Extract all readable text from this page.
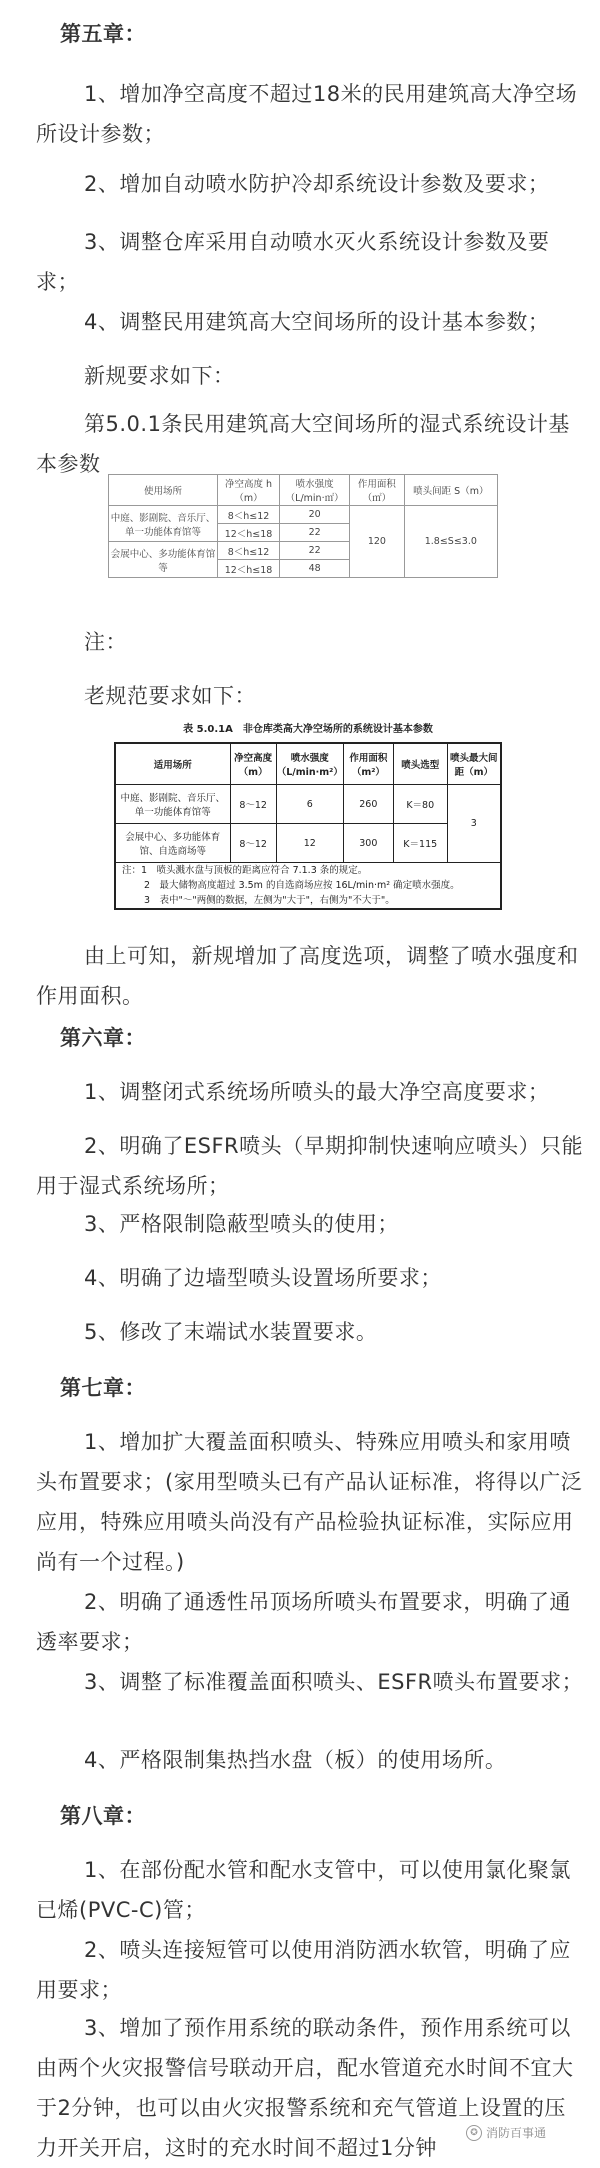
第五章：

1、增加净空高度不超过18米的民用建筑高大净空场所设计参数；

2、增加自动喷水防护冷却系统设计参数及要求；

3、调整仓库采用自动喷水灭火系统设计参数及要求；

4、调整民用建筑高大空间场所的设计基本参数；

新规要求如下：

第5.0.1条民用建筑高大空间场所的湿式系统设计基本参数

使用场所	净空高度 h（m）	喷水强度（L/min·㎡）	作用面积（㎡）	喷头间距 S（m）
中庭、影剧院、音乐厅、单一功能体育馆等	8＜h≤12	20	120	1.8≤S≤3.0
	12＜h≤18	22		
会展中心、多功能体育馆等	8＜h≤12	22		
	12＜h≤18	48		

注：

老规范要求如下：

表 5.0.1A　非仓库类高大净空场所的系统设计基本参数
适用场所	净空高度（m）	喷水强度（L/min·m²）	作用面积（m²）	喷头选型	喷头最大间距（m）
中庭、影剧院、音乐厅、单一功能体育馆等	8～12	6	260	K＝80	3
会展中心、多功能体育馆、自选商场等	8～12	12	300	K＝115	

注：1　喷头溅水盘与顶板的距离应符合 7.1.3 条的规定。
2　最大储物高度超过 3.5m 的自选商场应按 16L/min·m² 确定喷水强度。
3　表中"～"两侧的数据，左侧为"大于"，右侧为"不大于"。					

由上可知，新规增加了高度选项，调整了喷水强度和作用面积。

第六章：

1、调整闭式系统场所喷头的最大净空高度要求；

2、明确了ESFR喷头（早期抑制快速响应喷头）只能用于湿式系统场所；

3、严格限制隐蔽型喷头的使用；

4、明确了边墙型喷头设置场所要求；

5、修改了末端试水装置要求。

第七章：

1、增加扩大覆盖面积喷头、特殊应用喷头和家用喷头布置要求；(家用型喷头已有产品认证标准，将得以广泛应用，特殊应用喷头尚没有产品检验执证标准，实际应用尚有一个过程。)

2、明确了通透性吊顶场所喷头布置要求，明确了通透率要求；

3、调整了标准覆盖面积喷头、ESFR喷头布置要求；

4、严格限制集热挡水盘（板）的使用场所。

第八章：

1、在部份配水管和配水支管中，可以使用氯化聚氯已烯(PVC-C)管；

2、喷头连接短管可以使用消防洒水软管，明确了应用要求；

3、增加了预作用系统的联动条件，预作用系统可以由两个火灾报警信号联动开启，配水管道充水时间不宜大于2分钟，也可以由火灾报警系统和充气管道上设置的压力开关开启，这时的充水时间不超过1分钟

✪ 消防百事通
